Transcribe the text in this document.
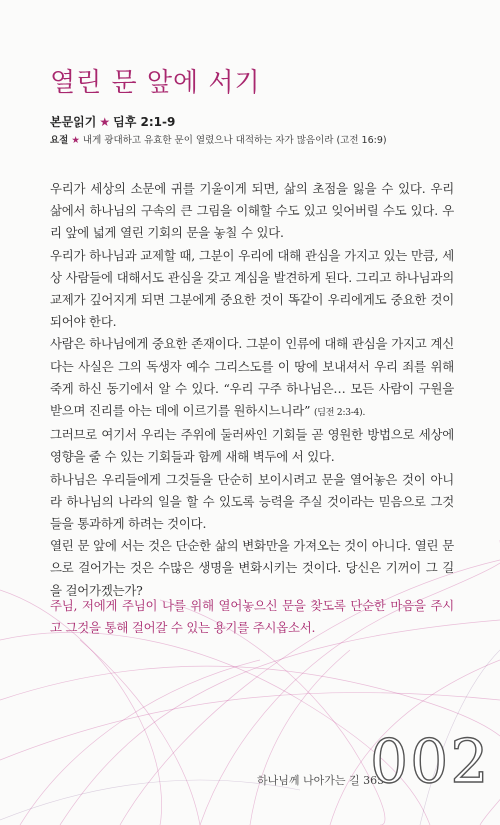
열린 문 앞에 서기
본문읽기 ★ 딤후 2:1-9
요절 ★ 내게 광대하고 유효한 문이 열렸으나 대적하는 자가 많음이라 (고전 16:9)

우리가 세상의 소문에 귀를 기울이게 되면, 삶의 초점을 잃을 수 있다. 우리 삶에서 하나님의 구속의 큰 그림을 이해할 수도 있고 잊어버릴 수도 있다. 우리 앞에 넓게 열린 기회의 문을 놓칠 수 있다.

우리가 하나님과 교제할 때, 그분이 우리에 대해 관심을 가지고 있는 만큼, 세상 사람들에 대해서도 관심을 갖고 계심을 발견하게 된다. 그리고 하나님과의 교제가 깊어지게 되면 그분에게 중요한 것이 똑같이 우리에게도 중요한 것이 되어야 한다.

사람은 하나님에게 중요한 존재이다. 그분이 인류에 대해 관심을 가지고 계신다는 사실은 그의 독생자 예수 그리스도를 이 땅에 보내셔서 우리 죄를 위해 죽게 하신 동기에서 알 수 있다. “우리 구주 하나님은… 모든 사람이 구원을 받으며 진리를 아는 데에 이르기를 원하시느니라” (딤전 2:3-4).

그러므로 여기서 우리는 주위에 둘러싸인 기회들 곧 영원한 방법으로 세상에 영향을 줄 수 있는 기회들과 함께 새해 벽두에 서 있다.

하나님은 우리들에게 그것들을 단순히 보이시려고 문을 열어놓은 것이 아니라 하나님의 나라의 일을 할 수 있도록 능력을 주실 것이라는 믿음으로 그것들을 통과하게 하려는 것이다.

열린 문 앞에 서는 것은 단순한 삶의 변화만을 가져오는 것이 아니다. 열린 문으로 걸어가는 것은 수많은 생명을 변화시키는 것이다. 당신은 기꺼이 그 길을 걸어가겠는가?

주님, 저에게 주님이 나를 위해 열어놓으신 문을 찾도록 단순한 마음을 주시고 그것을 통해 걸어갈 수 있는 용기를 주시옵소서.
하나님께 나아가는 길 365
002
